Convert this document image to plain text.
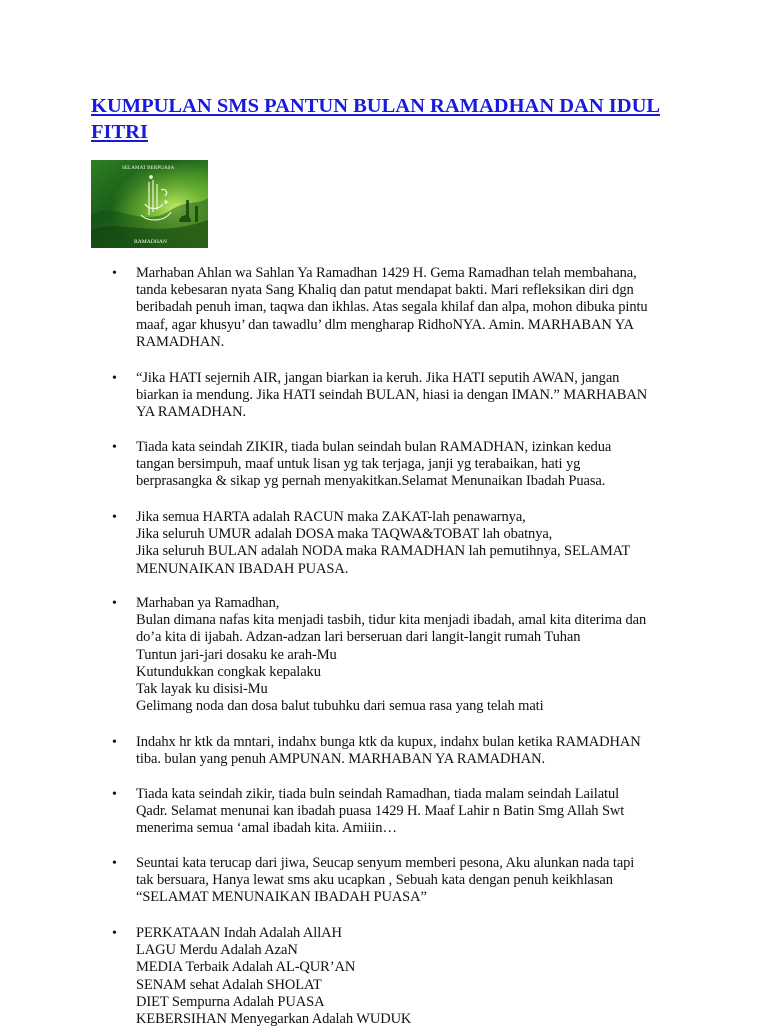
KUMPULAN SMS PANTUN BULAN RAMADHAN DAN IDUL FITRI
SELAMAT BERPUASA
RAMADHAN
•	Marhaban Ahlan wa Sahlan Ya Ramadhan 1429 H. Gema Ramadhan telah membahana,
tanda kebesaran nyata Sang Khaliq dan patut mendapat bakti. Mari refleksikan diri dgn
beribadah penuh iman, taqwa dan ikhlas. Atas segala khilaf dan alpa, mohon dibuka pintu
maaf, agar khusyu’ dan tawadlu’ dlm mengharap RidhoNYA. Amin. MARHABAN YA
RAMADHAN.
•	“Jika HATI sejernih AIR, jangan biarkan ia keruh. Jika HATI seputih AWAN, jangan
biarkan ia mendung. Jika HATI seindah BULAN, hiasi ia dengan IMAN.” MARHABAN
YA RAMADHAN.
•	Tiada kata seindah ZIKIR, tiada bulan seindah bulan RAMADHAN, izinkan kedua
tangan bersimpuh, maaf untuk lisan yg tak terjaga, janji yg terabaikan, hati yg
berprasangka & sikap yg pernah menyakitkan.Selamat Menunaikan Ibadah Puasa.
•	Jika semua HARTA adalah RACUN maka ZAKAT-lah penawarnya,
Jika seluruh UMUR adalah DOSA maka TAQWA&TOBAT lah obatnya,
Jika seluruh BULAN adalah NODA maka RAMADHAN lah pemutihnya, SELAMAT
MENUNAIKAN IBADAH PUASA.
•	Marhaban ya Ramadhan,
Bulan dimana nafas kita menjadi tasbih, tidur kita menjadi ibadah, amal kita diterima dan
do’a kita di ijabah. Adzan-adzan lari berseruan dari langit-langit rumah Tuhan
Tuntun jari-jari dosaku ke arah-Mu
Kutundukkan congkak kepalaku
Tak layak ku disisi-Mu
Gelimang noda dan dosa balut tubuhku dari semua rasa yang telah mati
•	Indahx hr ktk da mntari, indahx bunga ktk da kupux, indahx bulan ketika RAMADHAN
tiba. bulan yang penuh AMPUNAN. MARHABAN YA RAMADHAN.
•	Tiada kata seindah zikir, tiada buln seindah Ramadhan, tiada malam seindah Lailatul
Qadr. Selamat menunai kan ibadah puasa 1429 H. Maaf Lahir n Batin Smg Allah Swt
menerima semua ‘amal ibadah kita. Amiiin…
•	Seuntai kata terucap dari jiwa, Seucap senyum memberi pesona, Aku alunkan nada tapi
tak bersuara, Hanya lewat sms aku ucapkan , Sebuah kata dengan penuh keikhlasan
“SELAMAT MENUNAIKAN IBADAH PUASA”
•	PERKATAAN Indah Adalah AllAH
LAGU Merdu Adalah AzaN
MEDIA Terbaik Adalah AL-QUR’AN
SENAM sehat Adalah SHOLAT
DIET Sempurna Adalah PUASA
KEBERSIHAN Menyegarkan Adalah WUDUK
